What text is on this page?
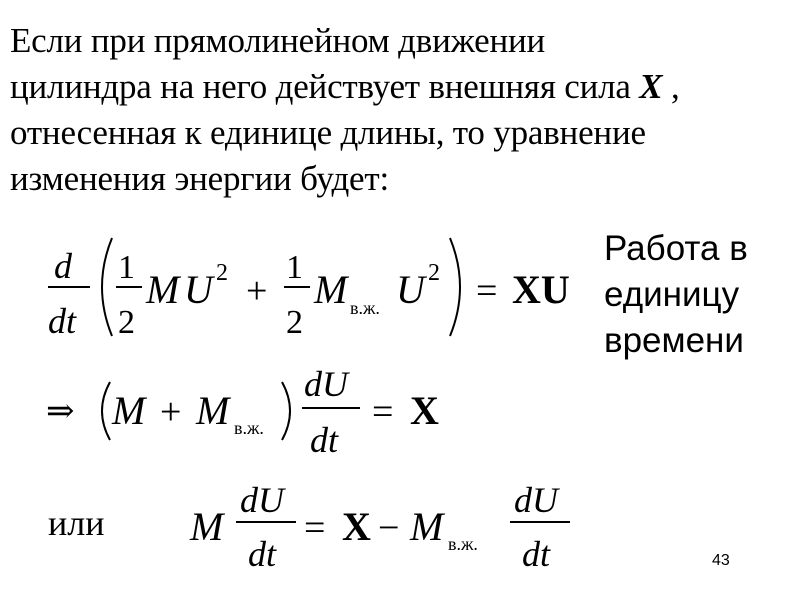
Если при прямолинейном движении
цилиндра на него действует внешняя сила X ,
отнесенная к единице длины, то уравнение
изменения энергии будет:
Работа в
единицу
времени
d
dt
1
2
M U 2 +
1
2
M в.ж. U 2 = XU
⇒ M + M в.ж.
dU
dt
= X
M
dU
dt
= X − M в.ж.
dU
dt
или
43
